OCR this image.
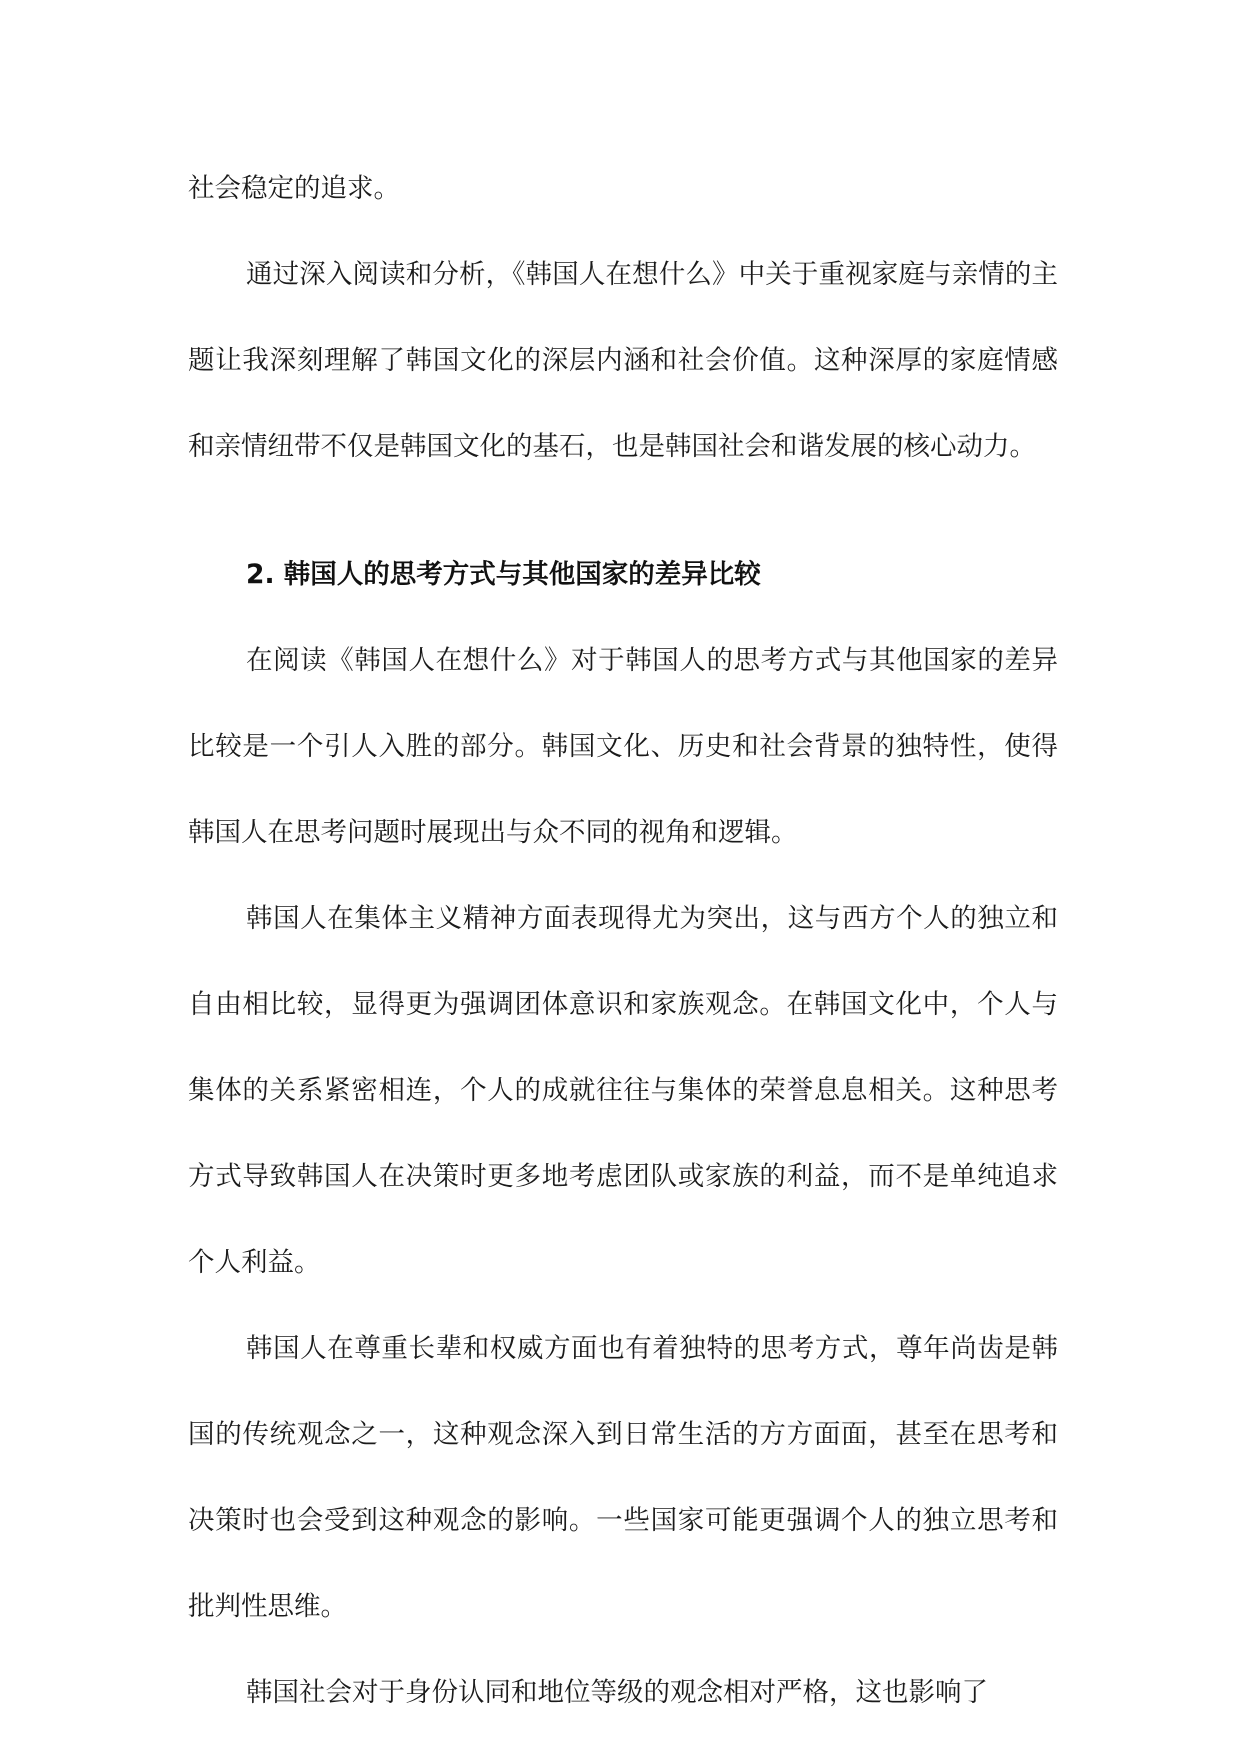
社会稳定的追求。

通过深入阅读和分析，《韩国人在想什么》中关于重视家庭与亲情的主题让我深刻理解了韩国文化的深层内涵和社会价值。这种深厚的家庭情感和亲情纽带不仅是韩国文化的基石，也是韩国社会和谐发展的核心动力。

2. 韩国人的思考方式与其他国家的差异比较

在阅读《韩国人在想什么》对于韩国人的思考方式与其他国家的差异比较是一个引人入胜的部分。韩国文化、历史和社会背景的独特性，使得韩国人在思考问题时展现出与众不同的视角和逻辑。

韩国人在集体主义精神方面表现得尤为突出，这与西方个人的独立和自由相比较，显得更为强调团体意识和家族观念。在韩国文化中，个人与集体的关系紧密相连，个人的成就往往与集体的荣誉息息相关。这种思考方式导致韩国人在决策时更多地考虑团队或家族的利益，而不是单纯追求个人利益。

韩国人在尊重长辈和权威方面也有着独特的思考方式，尊年尚齿是韩国的传统观念之一，这种观念深入到日常生活的方方面面，甚至在思考和决策时也会受到这种观念的影响。一些国家可能更强调个人的独立思考和批判性思维。

韩国社会对于身份认同和地位等级的观念相对严格，这也影响了
